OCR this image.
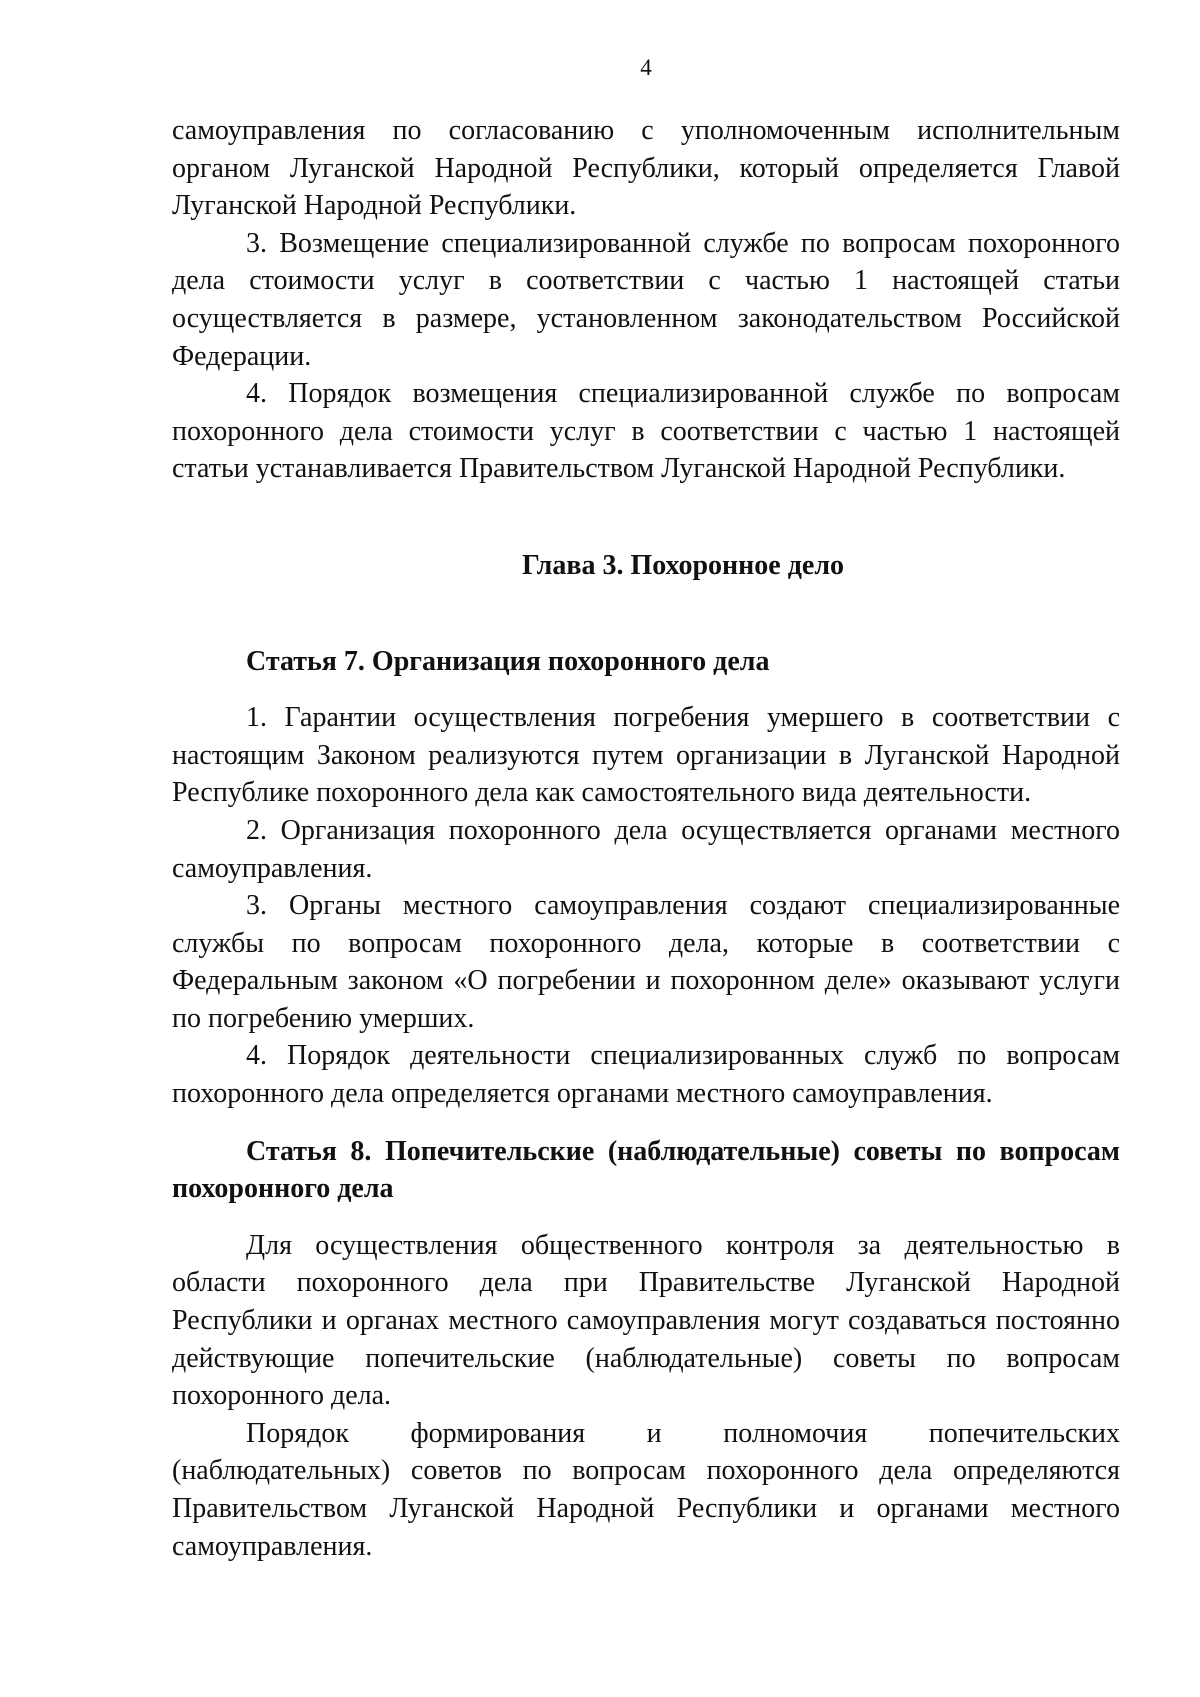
4

самоуправления по согласованию с уполномоченным исполнительным органом Луганской Народной Республики, который определяется Главой Луганской Народной Республики.

3. Возмещение специализированной службе по вопросам похоронного дела стоимости услуг в соответствии с частью 1 настоящей статьи осуществляется в размере, установленном законодательством Российской Федерации.

4. Порядок возмещения специализированной службе по вопросам похоронного дела стоимости услуг в соответствии с частью 1 настоящей статьи устанавливается Правительством Луганской Народной Республики.

Глава 3. Похоронное дело
Статья 7. Организация похоронного дела

1. Гарантии осуществления погребения умершего в соответствии с настоящим Законом реализуются путем организации в Луганской Народной Республике похоронного дела как самостоятельного вида деятельности.

2. Организация похоронного дела осуществляется органами местного самоуправления.

3. Органы местного самоуправления создают специализированные службы по вопросам похоронного дела, которые в соответствии с Федеральным законом «О погребении и похоронном деле» оказывают услуги по погребению умерших.

4. Порядок деятельности специализированных служб по вопросам похоронного дела определяется органами местного самоуправления.

Статья 8. Попечительские (наблюдательные) советы по вопросам похоронного дела

Для осуществления общественного контроля за деятельностью в области похоронного дела при Правительстве Луганской Народной Республики и органах местного самоуправления могут создаваться постоянно действующие попечительские (наблюдательные) советы по вопросам похоронного дела.

Порядок формирования и полномочия попечительских (наблюдательных) советов по вопросам похоронного дела определяются Правительством Луганской Народной Республики и органами местного самоуправления.
